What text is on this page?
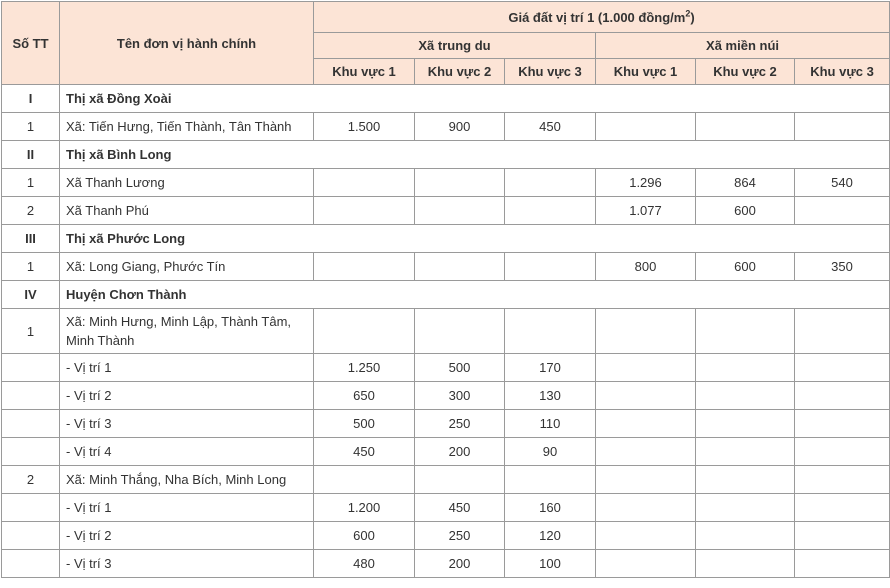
Số TT	Tên đơn vị hành chính	Giá đất vị trí 1 (1.000 đồng/$m^2$)					
		Xã trung du			Xã miền núi		
		Khu vực 1	Khu vực 2	Khu vực 3	Khu vực 1	Khu vực 2	Khu vực 3
I	Thị xã Đồng Xoài						
1	Xã: Tiến Hưng, Tiến Thành, Tân Thành	1.500	900	450			
II	Thị xã Bình Long						
1	Xã Thanh Lương				1.296	864	540
2	Xã Thanh Phú				1.077	600	
III	Thị xã Phước Long						
1	Xã: Long Giang, Phước Tín				800	600	350
IV	Huyện Chơn Thành						
1	Xã: Minh Hưng, Minh Lập, Thành Tâm, Minh Thành						
	- Vị trí 1	1.250	500	170			
	- Vị trí 2	650	300	130			
	- Vị trí 3	500	250	110			
	- Vị trí 4	450	200	90			
2	Xã: Minh Thắng, Nha Bích, Minh Long						
	- Vị trí 1	1.200	450	160			
	- Vị trí 2	600	250	120			
	- Vị trí 3	480	200	100			
